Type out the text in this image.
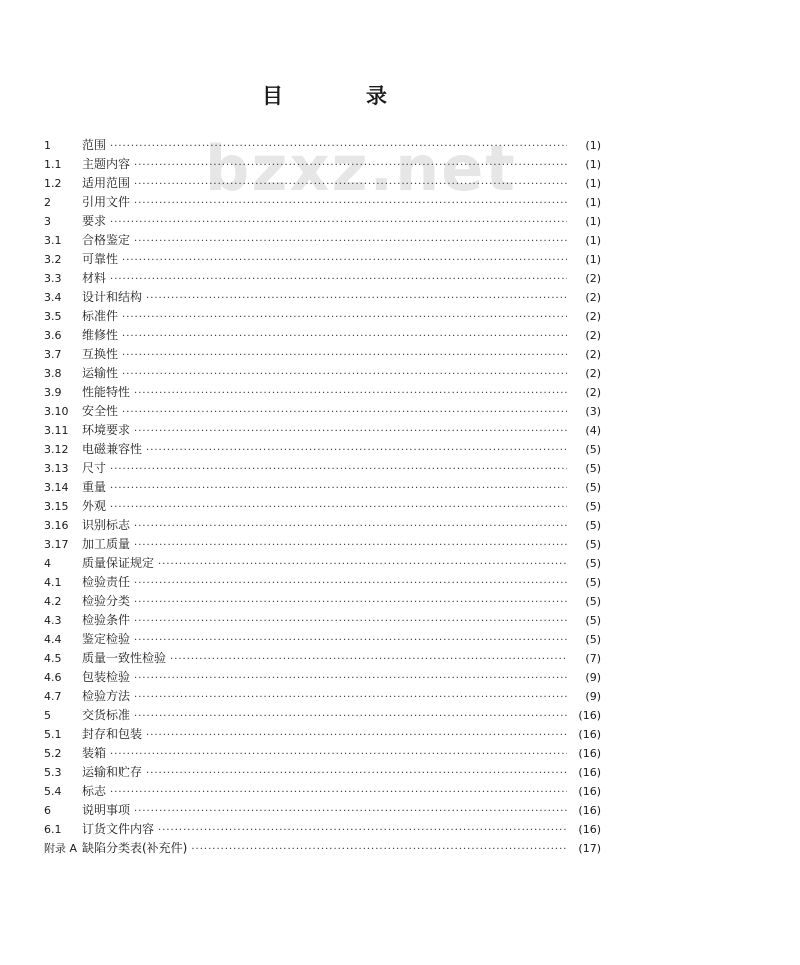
bzxz.net
目	录
1	范围 ·····	(1)
1.1	主题内容 ·····	(1)
1.2	适用范围 ·····	(1)
2	引用文件 ·····	(1)
3	要求 ·····	(1)
3.1	合格鉴定 ·····	(1)
3.2	可靠性 ·····	(1)
3.3	材料 ·····	(2)
3.4	设计和结构 ·····	(2)
3.5	标准件 ·····	(2)
3.6	维修性 ·····	(2)
3.7	互换性 ·····	(2)
3.8	运输性 ·····	(2)
3.9	性能特性 ·····	(2)
3.10	安全性 ·····	(3)
3.11	环境要求 ·····	(4)
3.12	电磁兼容性 ·····	(5)
3.13	尺寸 ·····	(5)
3.14	重量 ·····	(5)
3.15	外观 ·····	(5)
3.16	识别标志 ·····	(5)
3.17	加工质量 ·····	(5)
4	质量保证规定 ·····	(5)
4.1	检验责任 ·····	(5)
4.2	检验分类 ·····	(5)
4.3	检验条件 ·····	(5)
4.4	鉴定检验 ·····	(5)
4.5	质量一致性检验 ·····	(7)
4.6	包装检验 ·····	(9)
4.7	检验方法 ·····	(9)
5	交货标准 ·····	(16)
5.1	封存和包装 ·····	(16)
5.2	装箱 ·····	(16)
5.3	运输和贮存 ·····	(16)
5.4	标志 ·····	(16)
6	说明事项 ·····	(16)
6.1	订货文件内容 ·····	(16)
附录 A 缺陷分类表(补充件) ·····	(17)
